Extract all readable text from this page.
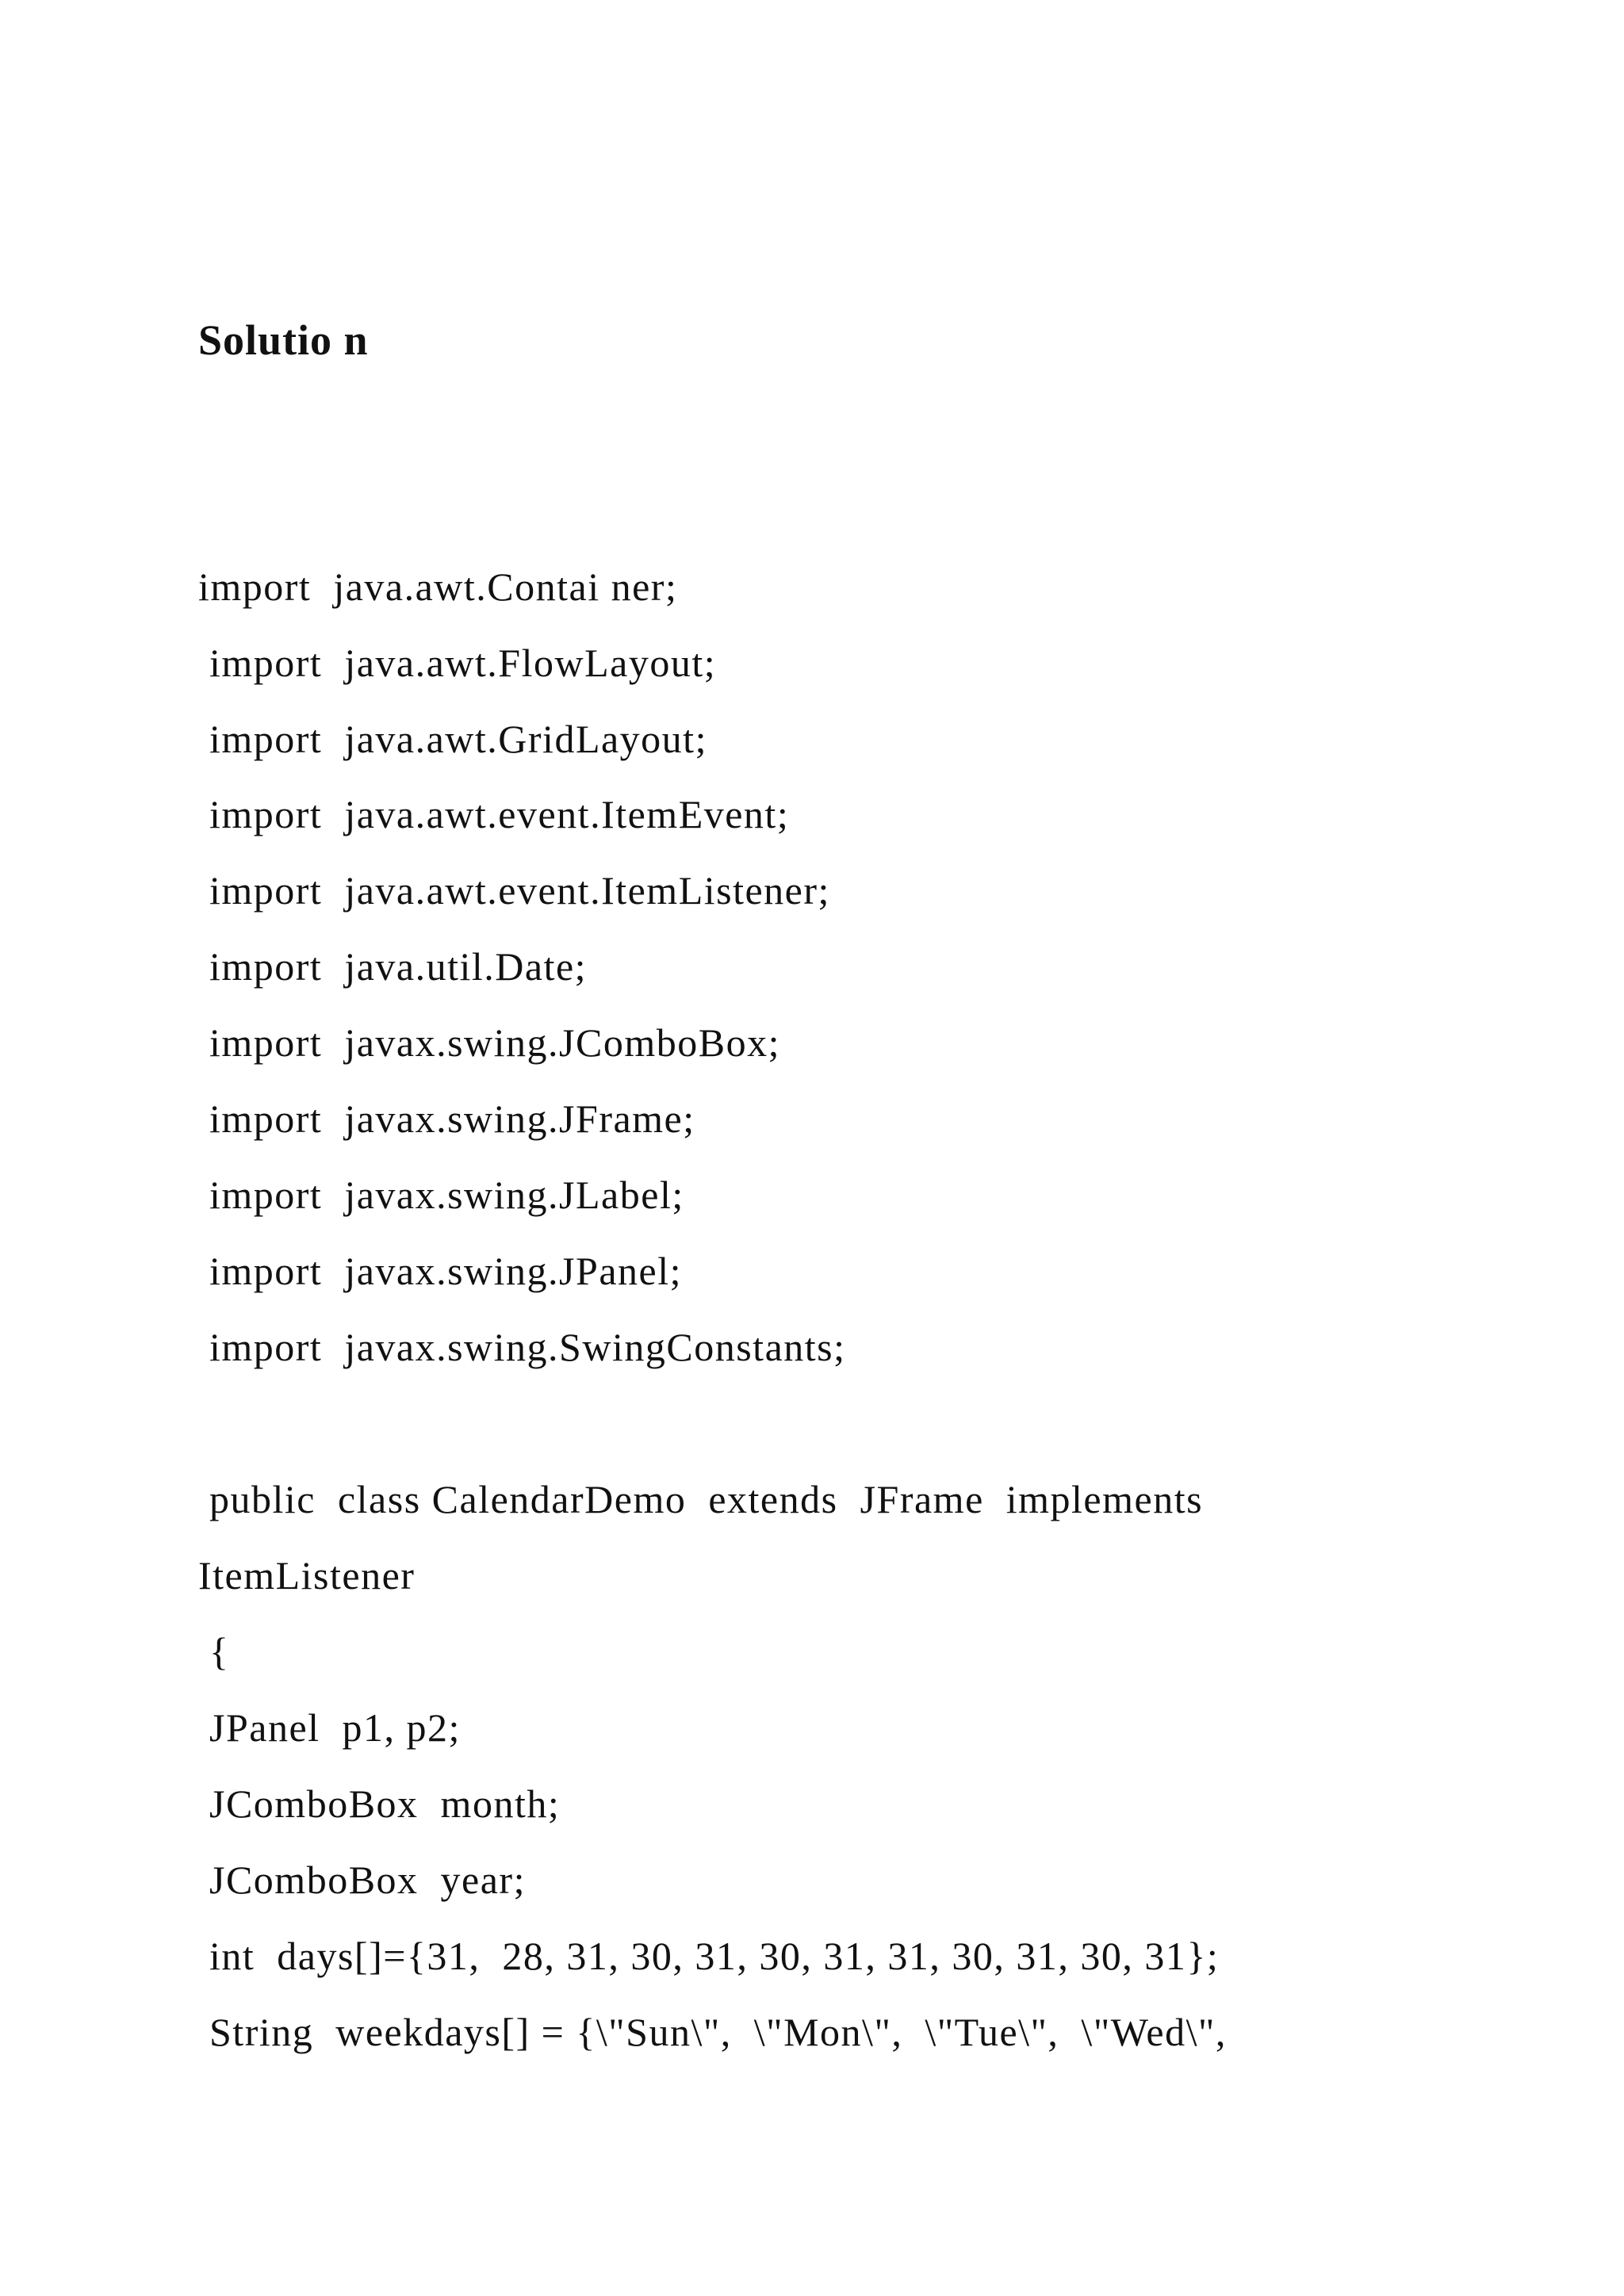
Solutio n
import  java.awt.Contai ner;
import  java.awt.FlowLayout;
import  java.awt.GridLayout;
import  java.awt.event.ItemEvent;
import  java.awt.event.ItemListener;
import  java.util.Date;
import  javax.swing.JComboBox;
import  javax.swing.JFrame;
import  javax.swing.JLabel;
import  javax.swing.JPanel;
import  javax.swing.SwingConstants;
public  class CalendarDemo  extends  JFrame  implements
ItemListener
{
JPanel  p1, p2;
JComboBox  month;
JComboBox  year;
int  days[]={31,  28, 31, 30, 31, 30, 31, 31, 30, 31, 30, 31};
String  weekdays[] = {\"Sun\",  \"Mon\",  \"Tue\",  \"Wed\",
